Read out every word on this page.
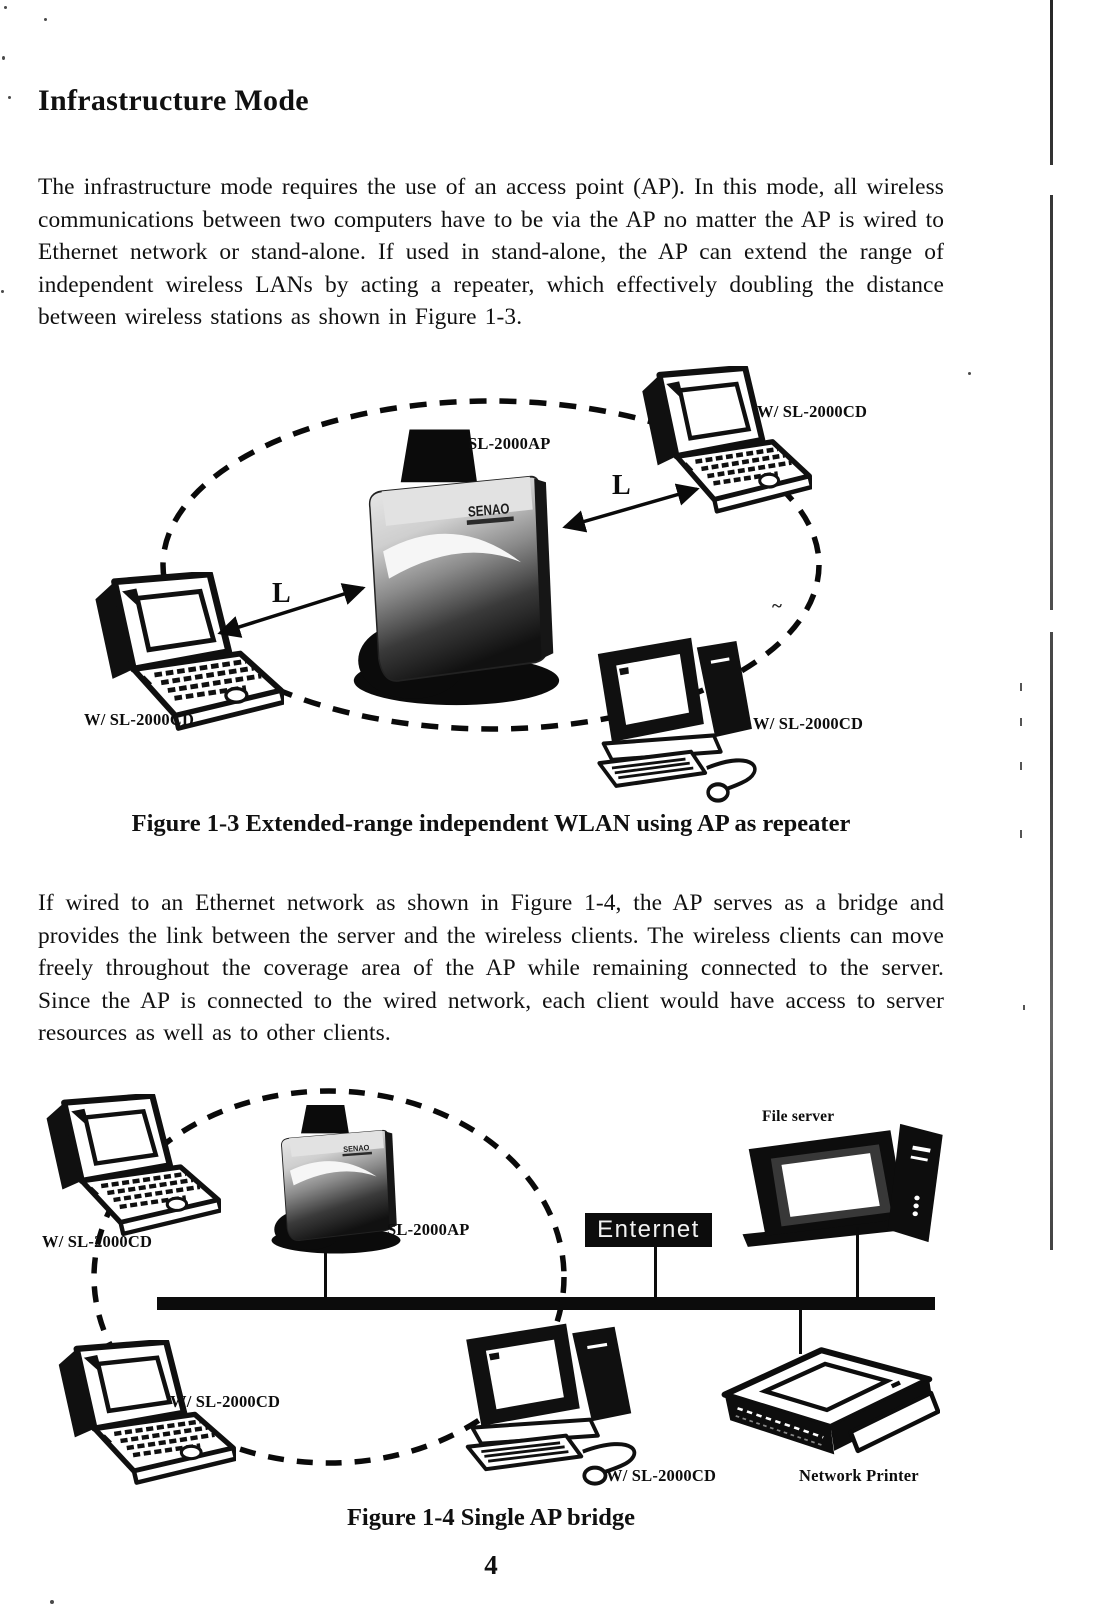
Infrastructure Mode

The infrastructure mode requires the use of an access point (AP). In this mode, all wireless communications between two computers have to be via the AP no matter the AP is wired to Ethernet network or stand-alone. If used in stand-alone, the AP can extend the range of independent wireless LANs by acting a repeater, which effectively doubling the distance between wireless stations as shown in Figure 1-3.

SL-2000AP
W/ SL-2000CD
W/ SL-2000CD	W/ SL-2000CD
L
L	~
Figure 1-3 Extended-range independent WLAN using AP as repeater

If wired to an Ethernet network as shown in Figure 1-4, the AP serves as a bridge and provides the link between the server and the wireless clients. The wireless clients can move freely throughout the coverage area of the AP while remaining connected to the server. Since the AP is connected to the wired network, each client would have access to server resources as well as to other clients.

W/ SL-2000CD
SL-2000AP	Enternet
File server
W/ SL-2000CD
W/ SL-2000CD	Network Printer
Figure 1-4 Single AP bridge
4
